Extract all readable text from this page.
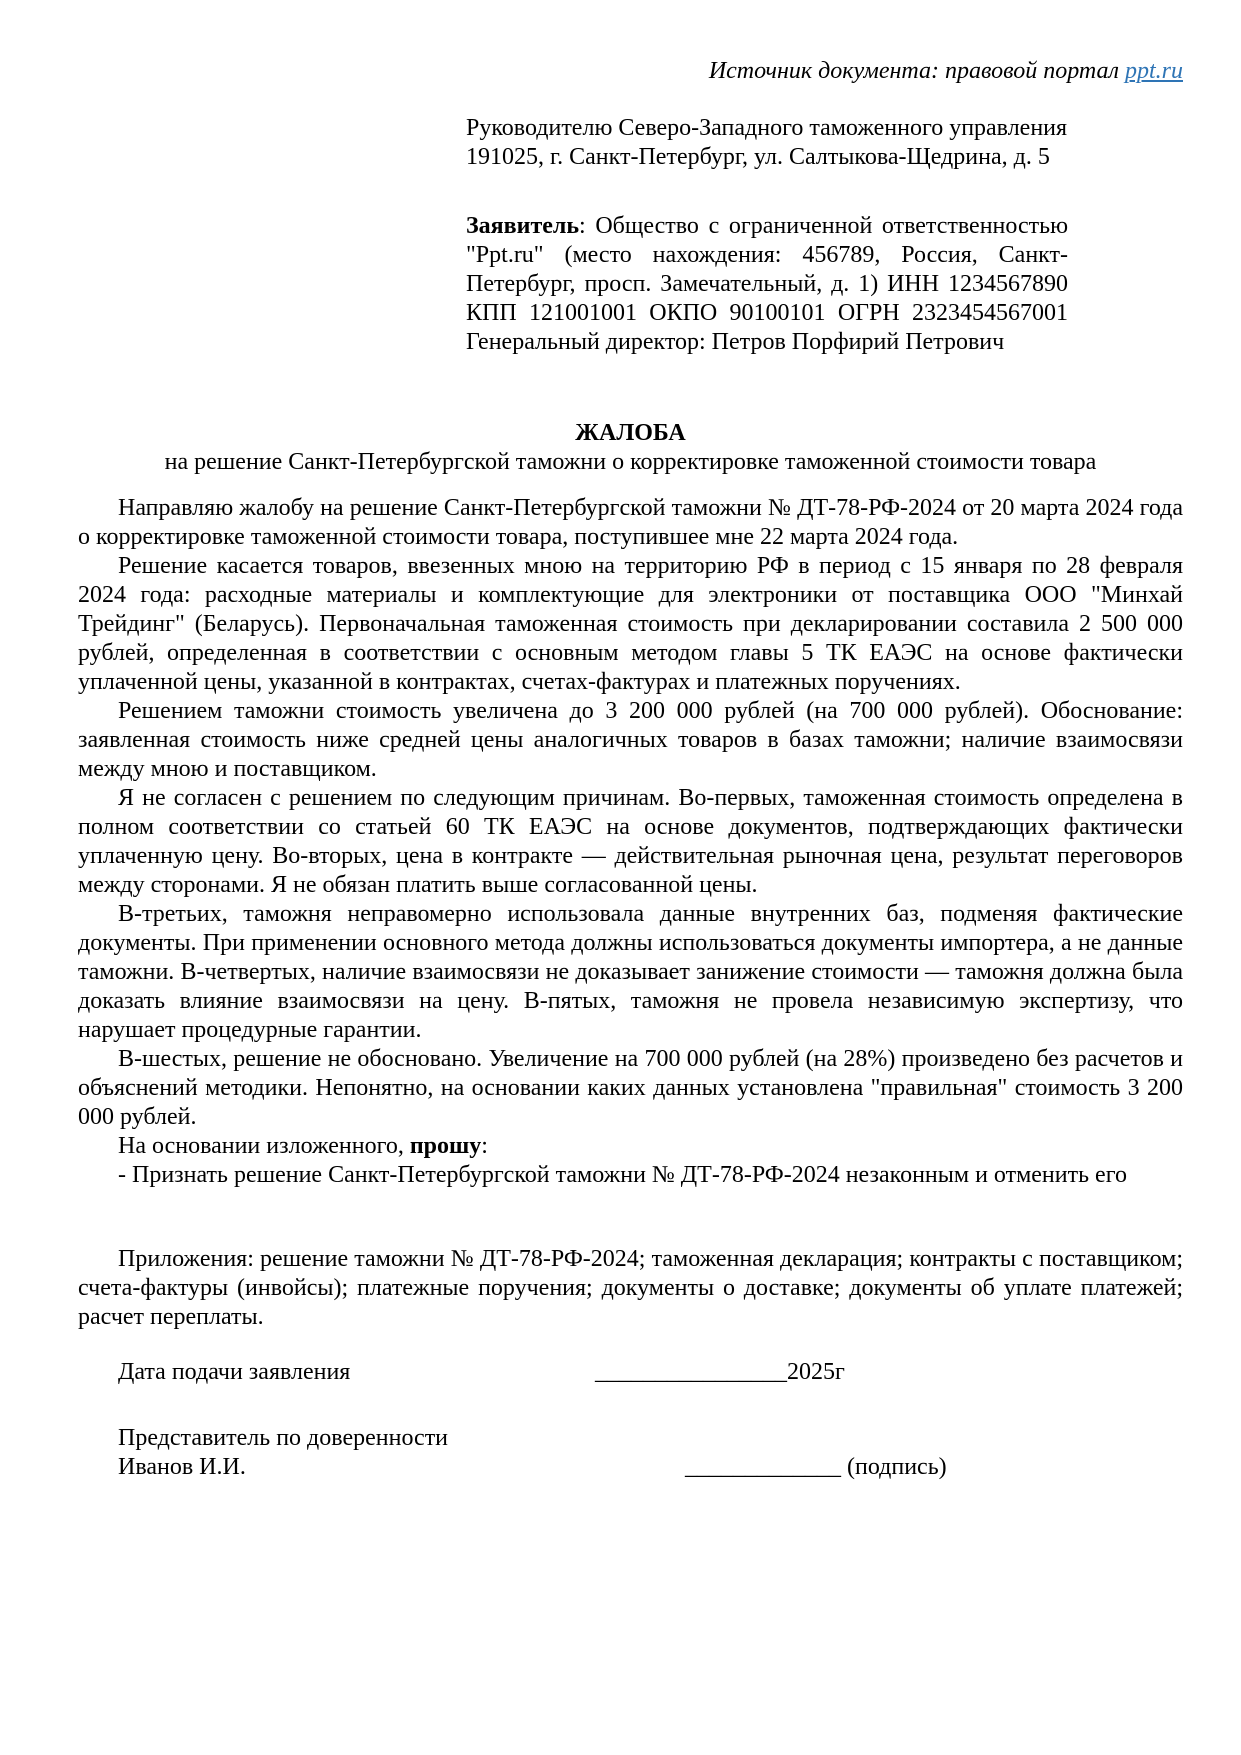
Источник документа: правовой портал ppt.ru
Руководителю Северо-Западного таможенного управления
191025, г. Санкт-Петербург, ул. Салтыкова-Щедрина, д. 5
Заявитель: Общество с ограниченной ответственностью "Ppt.ru" (место нахождения: 456789, Россия, Санкт-Петербург, просп. Замечательный, д. 1) ИНН 1234567890 КПП 121001001 ОКПО 90100101 ОГРН 2323454567001 Генеральный директор: Петров Порфирий Петрович
ЖАЛОБА
на решение Санкт-Петербургской таможни о корректировке таможенной стоимости товара

Направляю жалобу на решение Санкт-Петербургской таможни № ДТ-78-РФ-2024 от 20 марта 2024 года о корректировке таможенной стоимости товара, поступившее мне 22 марта 2024 года.

Решение касается товаров, ввезенных мною на территорию РФ в период с 15 января по 28 февраля 2024 года: расходные материалы и комплектующие для электроники от поставщика ООО "Минхай Трейдинг" (Беларусь). Первоначальная таможенная стоимость при декларировании составила 2 500 000 рублей, определенная в соответствии с основным методом главы 5 ТК ЕАЭС на основе фактически уплаченной цены, указанной в контрактах, счетах-фактурах и платежных поручениях.

Решением таможни стоимость увеличена до 3 200 000 рублей (на 700 000 рублей). Обоснование: заявленная стоимость ниже средней цены аналогичных товаров в базах таможни; наличие взаимосвязи между мною и поставщиком.

Я не согласен с решением по следующим причинам. Во-первых, таможенная стоимость определена в полном соответствии со статьей 60 ТК ЕАЭС на основе документов, подтверждающих фактически уплаченную цену. Во-вторых, цена в контракте — действительная рыночная цена, результат переговоров между сторонами. Я не обязан платить выше согласованной цены.

В-третьих, таможня неправомерно использовала данные внутренних баз, подменяя фактические документы. При применении основного метода должны использоваться документы импортера, а не данные таможни. В-четвертых, наличие взаимосвязи не доказывает занижение стоимости — таможня должна была доказать влияние взаимосвязи на цену. В-пятых, таможня не провела независимую экспертизу, что нарушает процедурные гарантии.

В-шестых, решение не обосновано. Увеличение на 700 000 рублей (на 28%) произведено без расчетов и объяснений методики. Непонятно, на основании каких данных установлена "правильная" стоимость 3 200 000 рублей.

На основании изложенного, прошу:

- Признать решение Санкт-Петербургской таможни № ДТ-78-РФ-2024 незаконным и отменить его

Приложения: решение таможни № ДТ-78-РФ-2024; таможенная декларация; контракты с поставщиком; счета-фактуры (инвойсы); платежные поручения; документы о доставке; документы об уплате платежей; расчет переплаты.

Дата подачи заявления	________________2025г
Представитель по доверенности
Иванов И.И.	_____________ (подпись)
